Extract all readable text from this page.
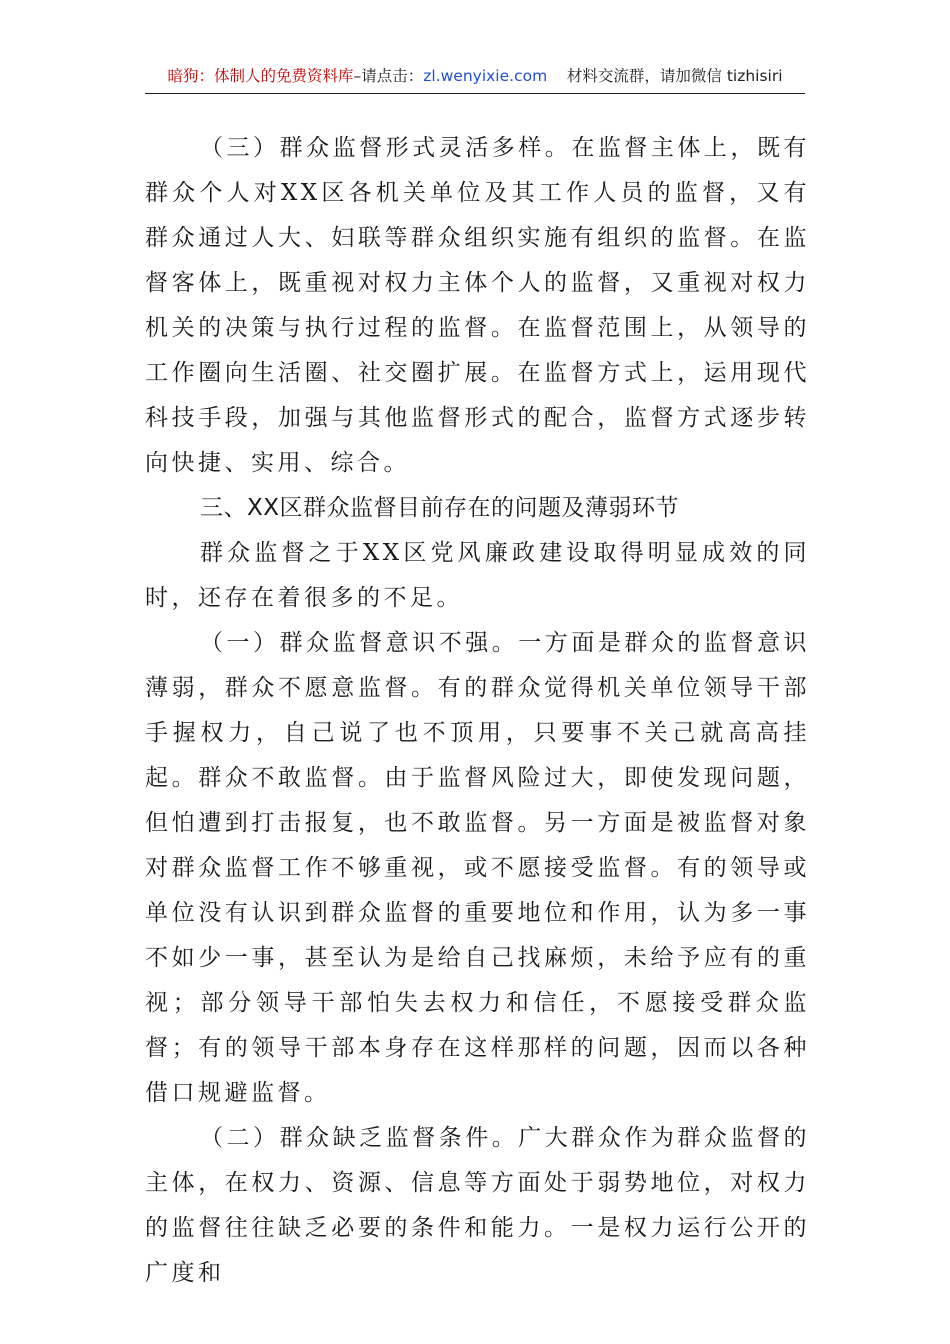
暗狗：体制人的免费资料库–请点击：zl.wenyixie.com 材料交流群，请加微信 tizhisiri

（三）群众监督形式灵活多样。在监督主体上，既有群众个人对XX区各机关单位及其工作人员的监督，又有群众通过人大、妇联等群众组织实施有组织的监督。在监督客体上，既重视对权力主体个人的监督，又重视对权力机关的决策与执行过程的监督。在监督范围上，从领导的工作圈向生活圈、社交圈扩展。在监督方式上，运用现代科技手段，加强与其他监督形式的配合，监督方式逐步转向快捷、实用、综合。

三、XX区群众监督目前存在的问题及薄弱环节

群众监督之于XX区党风廉政建设取得明显成效的同时，还存在着很多的不足。

（一）群众监督意识不强。一方面是群众的监督意识薄弱，群众不愿意监督。有的群众觉得机关单位领导干部手握权力，自己说了也不顶用，只要事不关己就高高挂起。群众不敢监督。由于监督风险过大，即使发现问题，但怕遭到打击报复，也不敢监督。另一方面是被监督对象对群众监督工作不够重视，或不愿接受监督。有的领导或单位没有认识到群众监督的重要地位和作用，认为多一事不如少一事，甚至认为是给自己找麻烦，未给予应有的重视；部分领导干部怕失去权力和信任，不愿接受群众监督；有的领导干部本身存在这样那样的问题，因而以各种借口规避监督。

（二）群众缺乏监督条件。广大群众作为群众监督的主体，在权力、资源、信息等方面处于弱势地位，对权力的监督往往缺乏必要的条件和能力。一是权力运行公开的广度和
